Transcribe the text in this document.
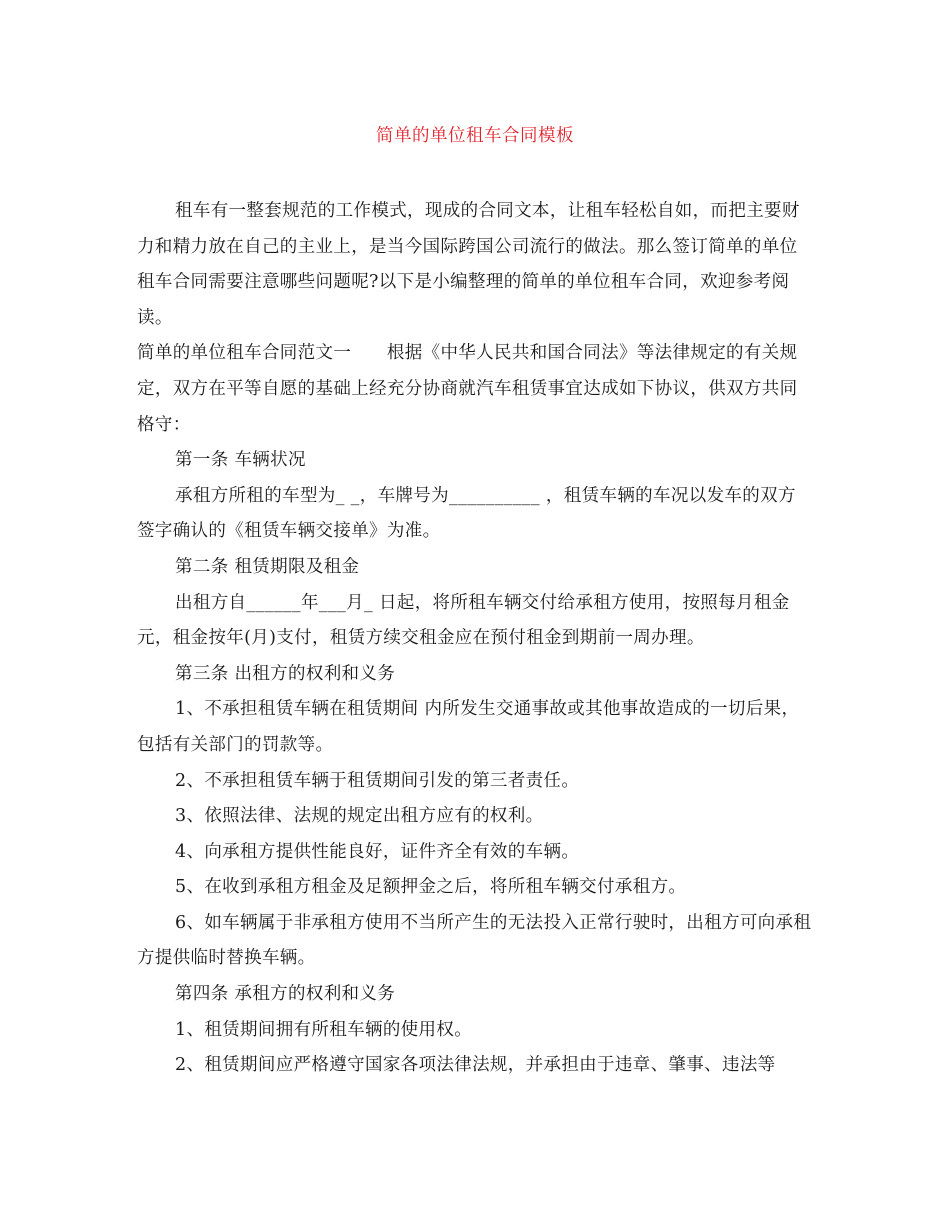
简单的单位租车合同模板

租车有一整套规范的工作模式，现成的合同文本，让租车轻松自如，而把主要财力和精力放在自己的主业上，是当今国际跨国公司流行的做法。那么签订简单的单位租车合同需要注意哪些问题呢?以下是小编整理的简单的单位租车合同，欢迎参考阅读。

简单的单位租车合同范文一　　根据《中华人民共和国合同法》等法律规定的有关规定，双方在平等自愿的基础上经充分协商就汽车租赁事宜达成如下协议，供双方共同格守：

第一条 车辆状况

承租方所租的车型为_ _，车牌号为__________ ，租赁车辆的车况以发车的双方签字确认的《租赁车辆交接单》为准。

第二条 租赁期限及租金

出租方自______年___月_ 日起，将所租车辆交付给承租方使用，按照每月租金 元，租金按年(月)支付，租赁方续交租金应在预付租金到期前一周办理。

第三条 出租方的权利和义务

1、不承担租赁车辆在租赁期间 内所发生交通事故或其他事故造成的一切后果，包括有关部门的罚款等。

2、不承担租赁车辆于租赁期间引发的第三者责任。

3、依照法律、法规的规定出租方应有的权利。

4、向承租方提供性能良好，证件齐全有效的车辆。

5、在收到承租方租金及足额押金之后，将所租车辆交付承租方。

6、如车辆属于非承租方使用不当所产生的无法投入正常行驶时，出租方可向承租方提供临时替换车辆。

第四条 承租方的权利和义务

1、租赁期间拥有所租车辆的使用权。

2、租赁期间应严格遵守国家各项法律法规，并承担由于违章、肇事、违法等
